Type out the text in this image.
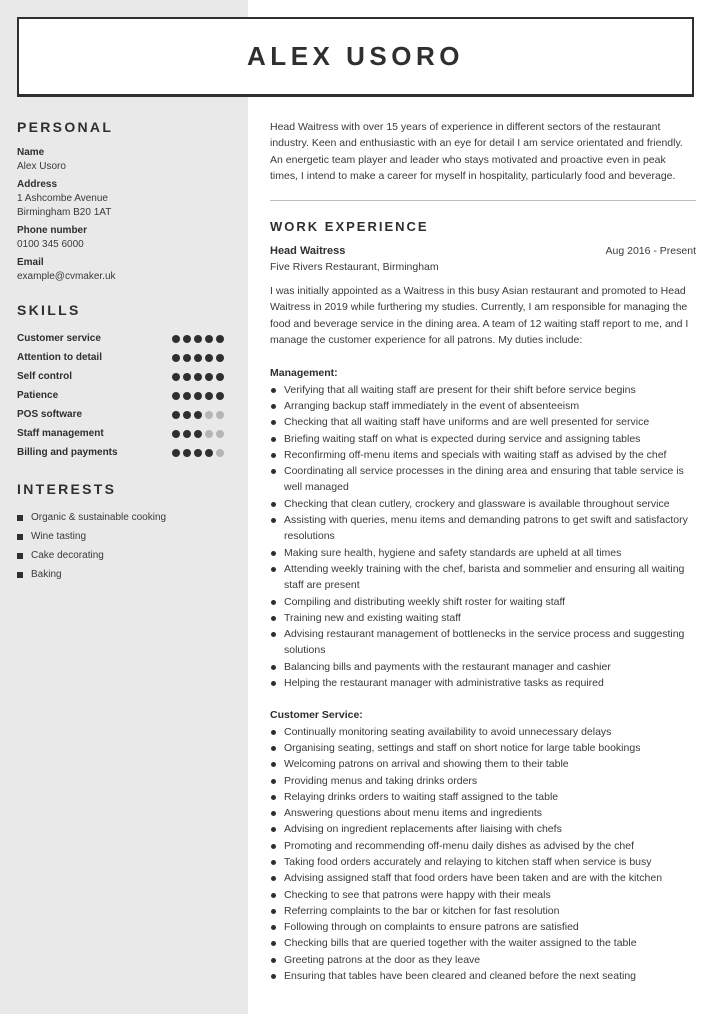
ALEX USORO
PERSONAL
Name
Alex Usoro
Address
1 Ashcombe Avenue
Birmingham B20 1AT
Phone number
0100 345 6000
Email
example@cvmaker.uk
SKILLS
Customer service
Attention to detail
Self control
Patience
POS software
Staff management
Billing and payments
INTERESTS
Organic & sustainable cooking
Wine tasting
Cake decorating
Baking

Head Waitress with over 15 years of experience in different sectors of the restaurant industry. Keen and enthusiastic with an eye for detail I am service orientated and friendly. An energetic team player and leader who stays motivated and proactive even in peak times, I intend to make a career for myself in hospitality, particularly food and beverage.

WORK EXPERIENCE
Head Waitress	Aug 2016 - Present
Five Rivers Restaurant, Birmingham

I was initially appointed as a Waitress in this busy Asian restaurant and promoted to Head Waitress in 2019 while furthering my studies. Currently, I am responsible for managing the food and beverage service in the dining area. A team of 12 waiting staff report to me, and I manage the customer experience for all patrons. My duties include:

Management:
Verifying that all waiting staff are present for their shift before service begins
Arranging backup staff immediately in the event of absenteeism
Checking that all waiting staff have uniforms and are well presented for service
Briefing waiting staff on what is expected during service and assigning tables
Reconfirming off-menu items and specials with waiting staff as advised by the chef
Coordinating all service processes in the dining area and ensuring that table service is well managed
Checking that clean cutlery, crockery and glassware is available throughout service
Assisting with queries, menu items and demanding patrons to get swift and satisfactory resolutions
Making sure health, hygiene and safety standards are upheld at all times
Attending weekly training with the chef, barista and sommelier and ensuring all waiting staff are present
Compiling and distributing weekly shift roster for waiting staff
Training new and existing waiting staff
Advising restaurant management of bottlenecks in the service process and suggesting solutions
Balancing bills and payments with the restaurant manager and cashier
Helping the restaurant manager with administrative tasks as required
Customer Service:
Continually monitoring seating availability to avoid unnecessary delays
Organising seating, settings and staff on short notice for large table bookings
Welcoming patrons on arrival and showing them to their table
Providing menus and taking drinks orders
Relaying drinks orders to waiting staff assigned to the table
Answering questions about menu items and ingredients
Advising on ingredient replacements after liaising with chefs
Promoting and recommending off-menu daily dishes as advised by the chef
Taking food orders accurately and relaying to kitchen staff when service is busy
Advising assigned staff that food orders have been taken and are with the kitchen
Checking to see that patrons were happy with their meals
Referring complaints to the bar or kitchen for fast resolution
Following through on complaints to ensure patrons are satisfied
Checking bills that are queried together with the waiter assigned to the table
Greeting patrons at the door as they leave
Ensuring that tables have been cleared and cleaned before the next seating
